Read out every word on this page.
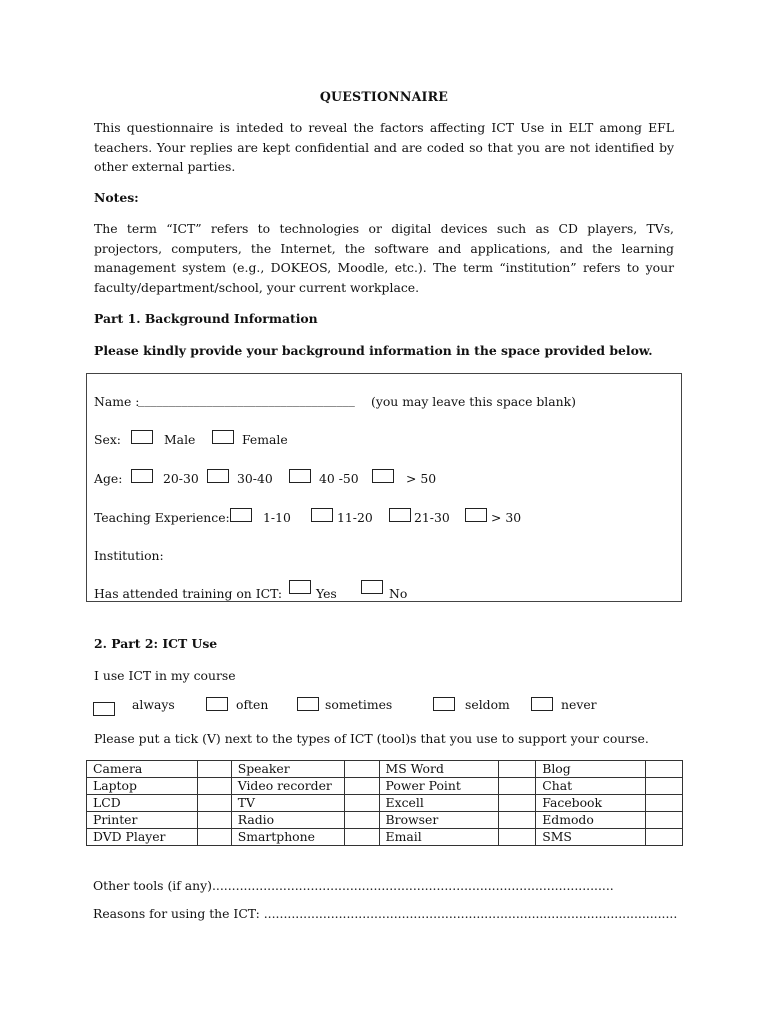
QUESTIONNAIRE
This questionnaire is inteded to reveal the factors affecting ICT Use in ELT among EFL teachers. Your replies are kept confidential and are coded so that you are not identified by other external parties.
Notes:
The term “ICT” refers to technologies or digital devices such as CD players, TVs, projectors, computers, the Internet, the software and applications, and the learning management system (e.g., DOKEOS, Moodle, etc.). The term “institution” refers to your faculty/department/school, your current workplace.
Part 1. Background Information
Please kindly provide your background information in the space provided below.
Name :
___________________________________ (you may leave this space blank)
Sex:	Male	Female
Age:	20-30	30-40	40 -50	> 50
Teaching Experience:	1-10	11-20	21-30	> 30
Institution:
Has attended training on ICT:	Yes	No
2. Part 2: ICT Use
I use ICT in my course
always	often	sometimes	seldom	never
Please put a tick (V) next to the types of ICT (tool)s that you use to support your course.
Camera		Speaker		MS Word		Blog	
Laptop		Video recorder		Power Point		Chat	
LCD		TV		Excell		Facebook	
Printer		Radio		Browser		Edmodo	
DVD Player		Smartphone		Email		SMS	
Other tools (if any)......................................................................................................
Reasons for using the ICT: .........................................................................................................
